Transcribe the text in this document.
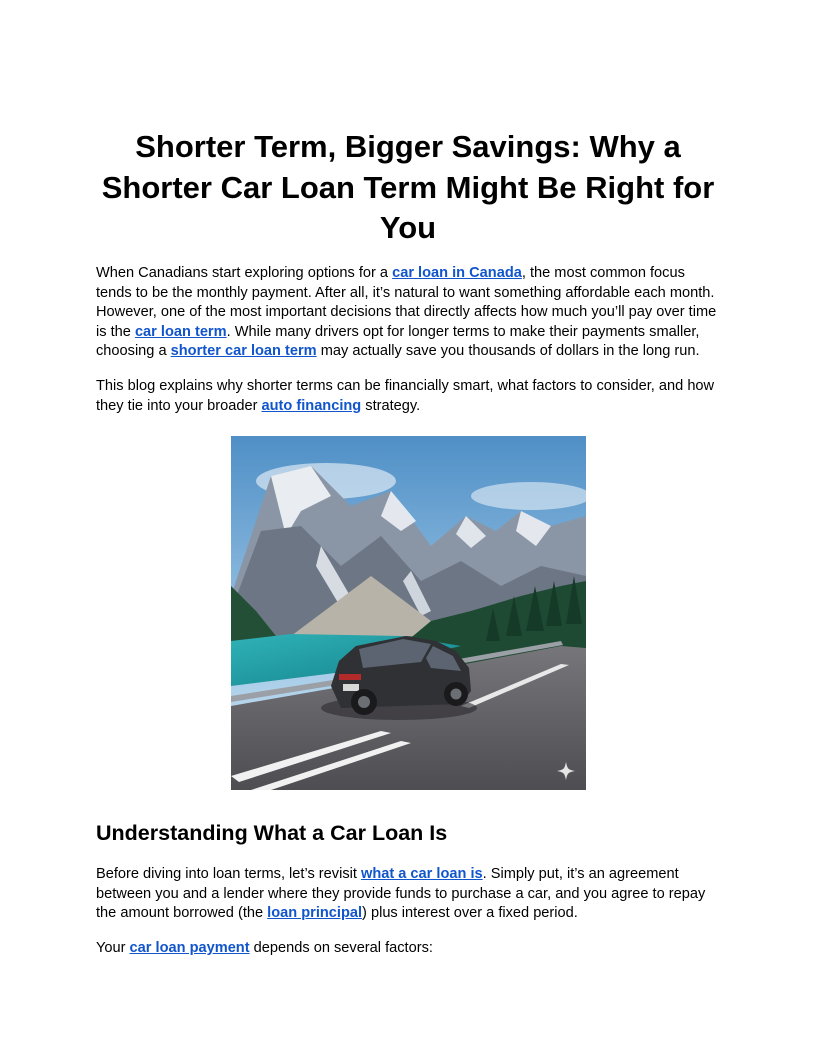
Shorter Term, Bigger Savings: Why a Shorter Car Loan Term Might Be Right for You

When Canadians start exploring options for a car loan in Canada, the most common focus tends to be the monthly payment. After all, it’s natural to want something affordable each month. However, one of the most important decisions that directly affects how much you’ll pay over time is the car loan term. While many drivers opt for longer terms to make their payments smaller, choosing a shorter car loan term may actually save you thousands of dollars in the long run.

This blog explains why shorter terms can be financially smart, what factors to consider, and how they tie into your broader auto financing strategy.

Understanding What a Car Loan Is

Before diving into loan terms, let’s revisit what a car loan is. Simply put, it’s an agreement between you and a lender where they provide funds to purchase a car, and you agree to repay the amount borrowed (the loan principal) plus interest over a fixed period.

Your car loan payment depends on several factors:
